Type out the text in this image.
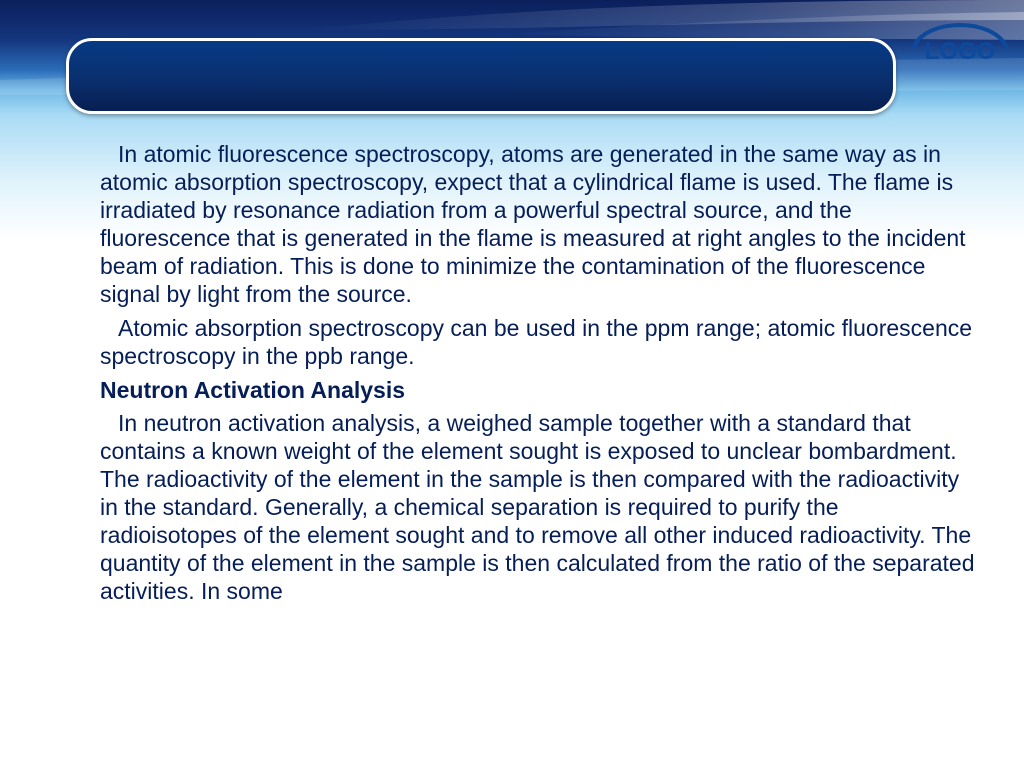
LOGO

In atomic fluorescence spectroscopy, atoms are generated in the same way as in atomic absorption spectroscopy, expect that a cylindrical flame is used. The flame is irradiated by resonance radiation from a powerful spectral source, and the fluorescence that is generated in the flame is measured at right angles to the incident beam of radiation. This is done to minimize the contamination of the fluorescence signal by light from the source.

Atomic absorption spectroscopy can be used in the ppm range; atomic fluorescence spectroscopy in the ppb range.

Neutron Activation Analysis

In neutron activation analysis, a weighed sample together with a standard that contains a known weight of the element sought is exposed to unclear bombardment. The radioactivity of the element in the sample is then compared with the radioactivity in the standard. Generally, a chemical separation is required to purify the radioisotopes of the element sought and to remove all other induced radioactivity. The quantity of the element in the sample is then calculated from the ratio of the separated activities. In some
